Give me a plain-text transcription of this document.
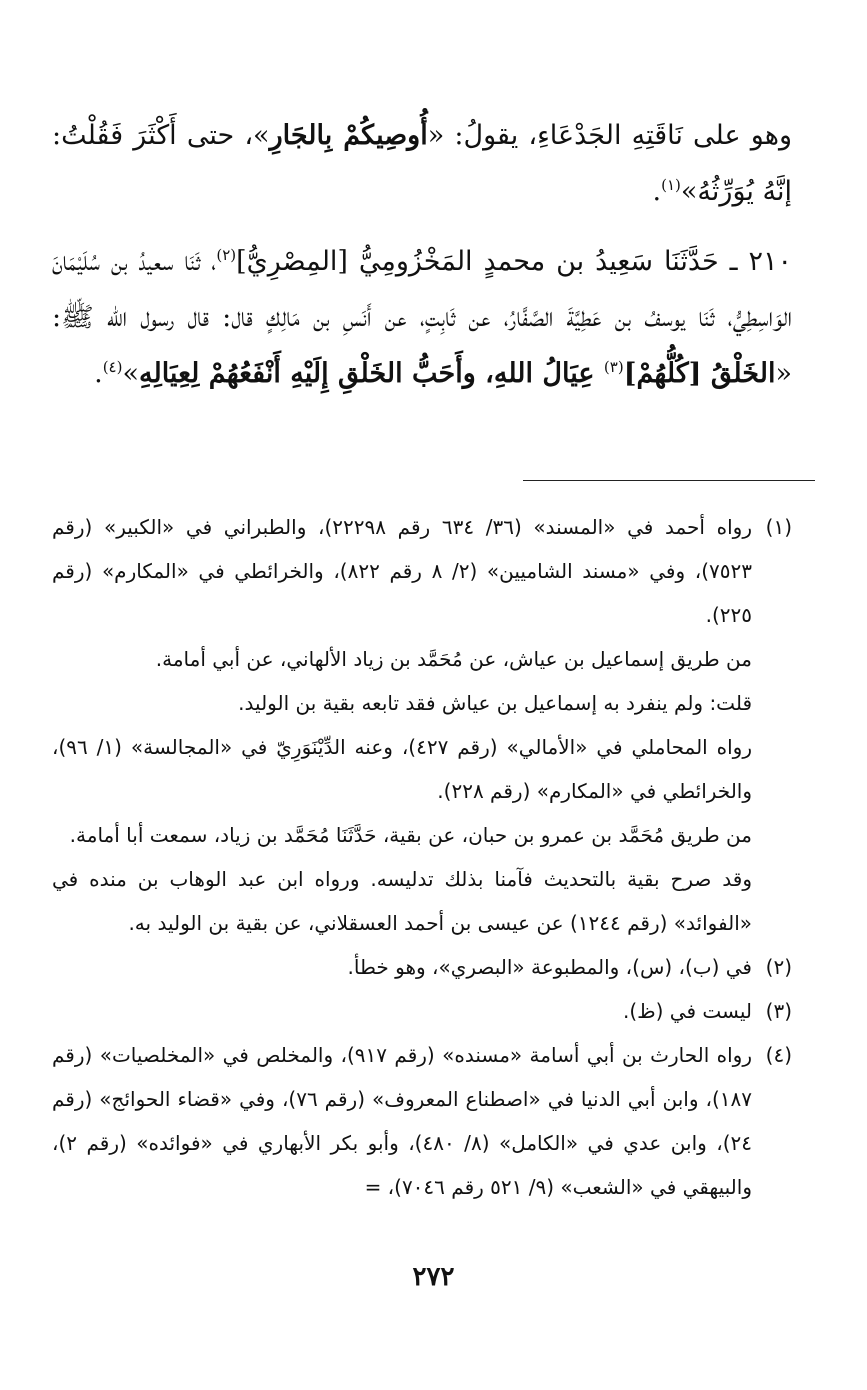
وهو على نَاقَتِهِ الجَدْعَاءِ، يقولُ: «أُوصِيكُمْ بِالجَارِ»، حتى أَكْثَرَ فَقُلْتُ: إنَّهُ يُوَرِّثُهُ»$^{(١)}$.

٢١٠ ـ حَدَّثَنَا سَعِيدُ بن محمدٍ المَخْزُومِيُّ [المِصْرِيُّ]$^{(٢)}$، ثَنَا سعيدُ بن سُلَيْمَانَ الوَاسِطِيُّ، ثَنَا يوسفُ بن عَطِيَّةَ الصَّفَّارُ، عن ثَابِتٍ، عن أَنَسِ بن مَالِكٍ قال: قال رسول الله ﷺ: «الخَلْقُ [كُلُّهُمْ]$^{(٣)}$ عِيَالُ اللهِ، وأَحَبُّ الخَلْقِ إِلَيْهِ أَنْفَعُهُمْ لِعِيَالِهِ»$^{(٤)}$.

(١)

رواه أحمد في «المسند» (٣٦/ ٦٣٤ رقم ٢٢٢٩٨)، والطبراني في «الكبير» (رقم ٧٥٢٣)، وفي «مسند الشاميين» (٢/ ٨ رقم ٨٢٢)، والخرائطي في «المكارم» (رقم ٢٢٥).

من طريق إسماعيل بن عياش، عن مُحَمَّد بن زياد الألهاني، عن أبي أمامة.

قلت: ولم ينفرد به إسماعيل بن عياش فقد تابعه بقية بن الوليد.

رواه المحاملي في «الأمالي» (رقم ٤٢٧)، وعنه الدِّيْنَوَرِيّ في «المجالسة» (١/ ٩٦)، والخرائطي في «المكارم» (رقم ٢٢٨).

من طريق مُحَمَّد بن عمرو بن حبان، عن بقية، حَدَّثَنَا مُحَمَّد بن زياد، سمعت أبا أمامة.

وقد صرح بقية بالتحديث فآمنا بذلك تدليسه. ورواه ابن عبد الوهاب بن منده في «الفوائد» (رقم ١٢٤٤) عن عيسى بن أحمد العسقلاني، عن بقية بن الوليد به.

(٢)

في (ب)، (س)، والمطبوعة «البصري»، وهو خطأ.

(٣)

ليست في (ظ).

(٤)

رواه الحارث بن أبي أسامة «مسنده» (رقم ٩١٧)، والمخلص في «المخلصيات» (رقم ١٨٧)، وابن أبي الدنيا في «اصطناع المعروف» (رقم ٧٦)، وفي «قضاء الحوائج» (رقم ٢٤)، وابن عدي في «الكامل» (٨/ ٤٨٠)، وأبو بكر الأبهاري في «فوائده» (رقم ٢)، والبيهقي في «الشعب» (٩/ ٥٢١ رقم ٧٠٤٦)، =

٢٧٢
